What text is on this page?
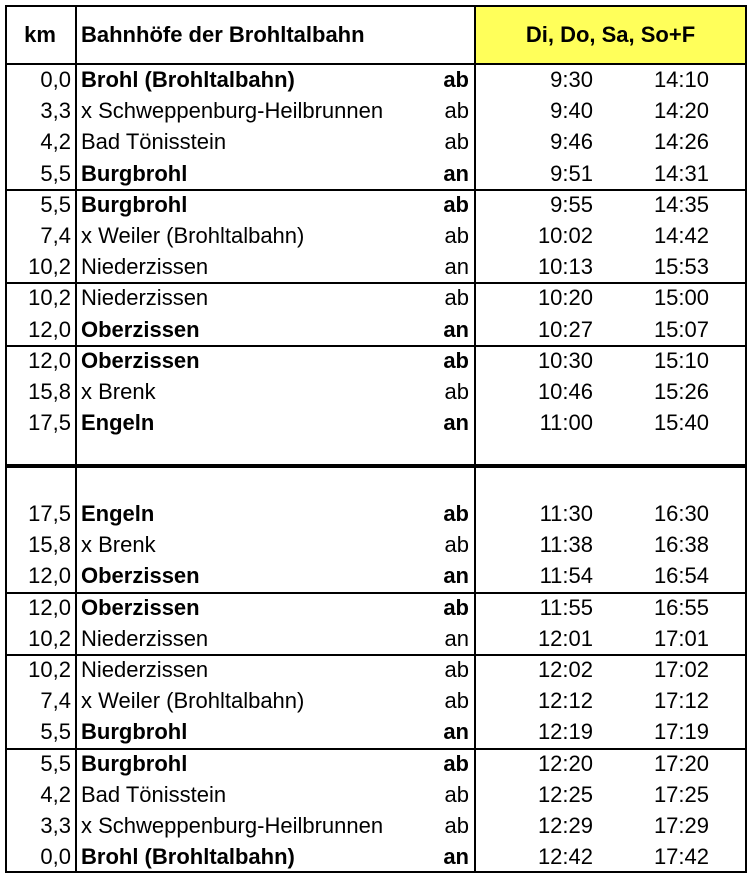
km	Bahnhöfe der Brohltalbahn	Di, Do, Sa, So+F
0,0 Brohl (Brohltalbahn)	ab	9:30	14:10
3,3 x Schweppenburg-Heilbrunnen	ab	9:40	14:20
4,2 Bad Tönisstein	ab	9:46	14:26
5,5 Burgbrohl	an	9:51	14:31
5,5 Burgbrohl	ab	9:55	14:35
7,4 x Weiler (Brohltalbahn)	ab	10:02	14:42
10,2 Niederzissen	an	10:13	15:53
10,2 Niederzissen	ab	10:20	15:00
12,0 Oberzissen	an	10:27	15:07
12,0 Oberzissen	ab	10:30	15:10
15,8 x Brenk	ab	10:46	15:26
17,5 Engeln	an	11:00	15:40
17,5 Engeln	ab	11:30	16:30
15,8 x Brenk	ab	11:38	16:38
12,0 Oberzissen	an	11:54	16:54
12,0 Oberzissen	ab	11:55	16:55
10,2 Niederzissen	an	12:01	17:01
10,2 Niederzissen	ab	12:02	17:02
7,4 x Weiler (Brohltalbahn)	ab	12:12	17:12
5,5 Burgbrohl	an	12:19	17:19
5,5 Burgbrohl	ab	12:20	17:20
4,2 Bad Tönisstein	ab	12:25	17:25
3,3 x Schweppenburg-Heilbrunnen	ab	12:29	17:29
0,0 Brohl (Brohltalbahn)	an	12:42	17:42
